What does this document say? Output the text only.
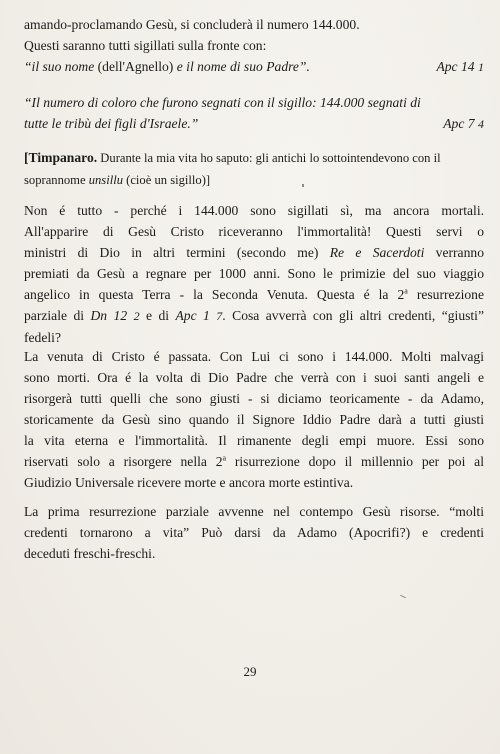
amando-proclamando Gesù, si concluderà il numero 144.000.
Questi saranno tutti sigillati sulla fronte con:
“il suo nome (dell'Agnello) e il nome di suo Padre”.	Apc 14 1
“Il numero di coloro che furono segnati con il sigillo: 144.000 segnati di
tutte le tribù dei figli d'Israele.”	Apc 7 4
[Timpanaro. Durante la mia vita ho saputo: gli antichi lo sottointendevono con il
soprannome unsillu (cioè un sigillo)]
Non é tutto - perché i 144.000 sono sigillati sì, ma ancora mortali.
All'apparire di Gesù Cristo riceveranno l'immortalità! Questi servi o
ministri di Dio in altri termini (secondo me) Re e Sacerdoti verranno
premiati da Gesù a regnare per 1000 anni. Sono le primizie del suo viaggio
angelico in questa Terra - la Seconda Venuta. Questa é la 2$^a$ resurrezione
parziale di Dn 12 2 e di Apc 1 7. Cosa avverrà con gli altri credenti, “giusti”
fedeli?
La venuta di Cristo é passata. Con Lui ci sono i 144.000. Molti malvagi
sono morti. Ora é la volta di Dio Padre che verrà con i suoi santi angeli e
risorgerà tutti quelli che sono giusti - si diciamo teoricamente - da Adamo,
storicamente da Gesù sino quando il Signore Iddio Padre darà a tutti giusti
la vita eterna e l'immortalità. Il rimanente degli empi muore. Essi sono
riservati solo a risorgere nella 2$^a$ risurrezione dopo il millennio per poi al
Giudizio Universale ricevere morte e ancora morte estintiva.
La prima resurrezione parziale avvenne nel contempo Gesù risorse. “molti
credenti tornarono a vita” Può darsi da Adamo (Apocrifi?) e credenti
deceduti freschi-freschi.
29
